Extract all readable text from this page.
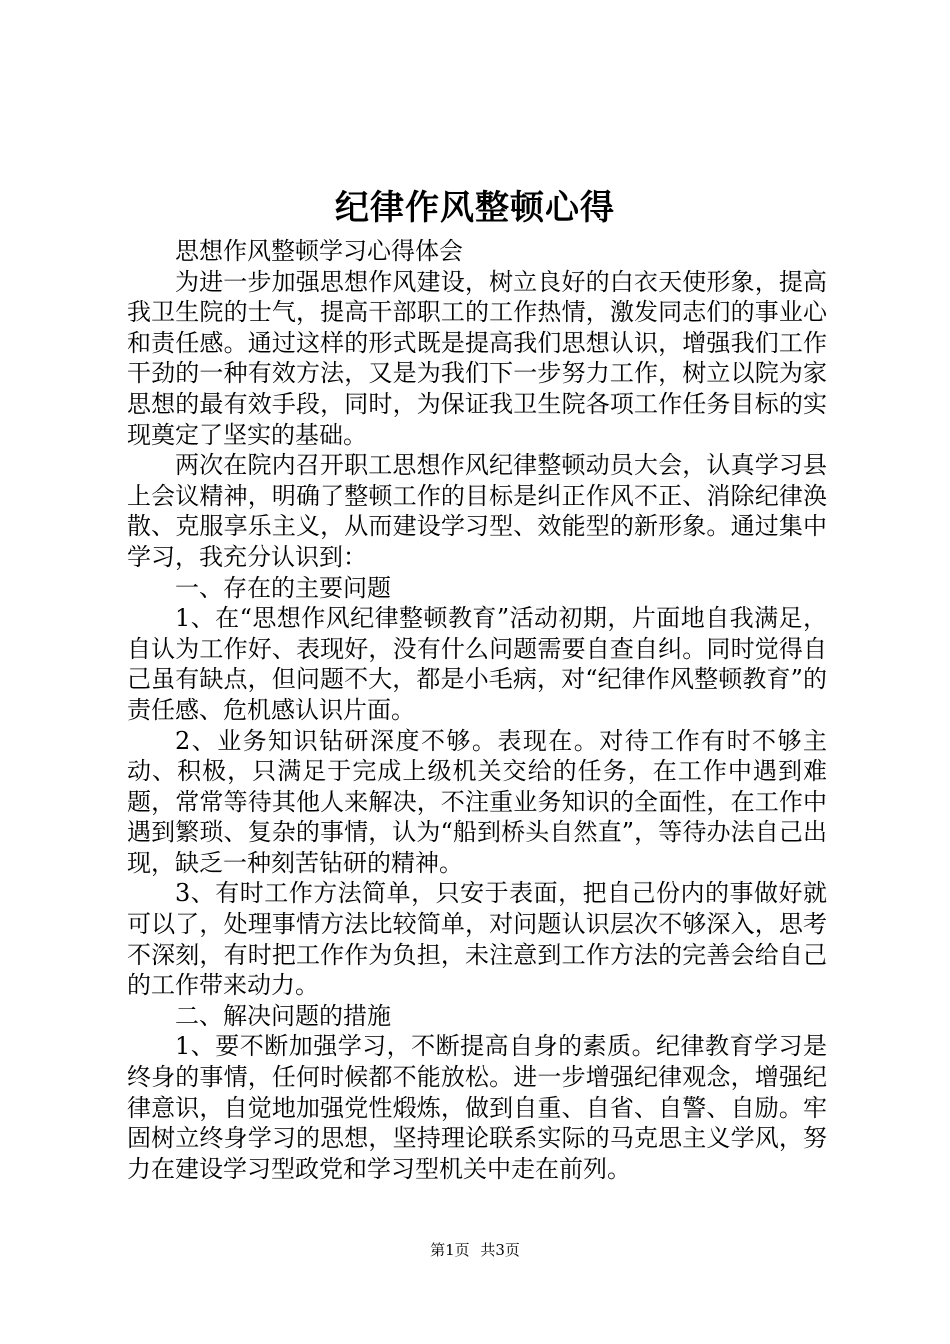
纪律作风整顿心得

思想作风整顿学习心得体会

为进一步加强思想作风建设，树立良好的白衣天使形象，提高我卫生院的士气，提高干部职工的工作热情，激发同志们的事业心和责任感。通过这样的形式既是提高我们思想认识，增强我们工作干劲的一种有效方法，又是为我们下一步努力工作，树立以院为家思想的最有效手段，同时，为保证我卫生院各项工作任务目标的实现奠定了坚实的基础。

两次在院内召开职工思想作风纪律整顿动员大会，认真学习县上会议精神，明确了整顿工作的目标是纠正作风不正、消除纪律涣散、克服享乐主义，从而建设学习型、效能型的新形象。通过集中学习，我充分认识到：

一、存在的主要问题

1、在“思想作风纪律整顿教育”活动初期，片面地自我满足，自认为工作好、表现好，没有什么问题需要自查自纠。同时觉得自己虽有缺点，但问题不大，都是小毛病，对“纪律作风整顿教育”的责任感、危机感认识片面。

2、业务知识钻研深度不够。表现在。对待工作有时不够主动、积极，只满足于完成上级机关交给的任务，在工作中遇到难题，常常等待其他人来解决，不注重业务知识的全面性，在工作中遇到繁琐、复杂的事情，认为“船到桥头自然直”，等待办法自己出现，缺乏一种刻苦钻研的精神。

3、有时工作方法简单，只安于表面，把自己份内的事做好就可以了，处理事情方法比较简单，对问题认识层次不够深入，思考不深刻，有时把工作作为负担，未注意到工作方法的完善会给自己的工作带来动力。

二、解决问题的措施

1、要不断加强学习，不断提高自身的素质。纪律教育学习是终身的事情，任何时候都不能放松。进一步增强纪律观念，增强纪律意识，自觉地加强党性煅炼，做到自重、自省、自警、自励。牢固树立终身学习的思想，坚持理论联系实际的马克思主义学风，努力在建设学习型政党和学习型机关中走在前列。

第1页 共3页
